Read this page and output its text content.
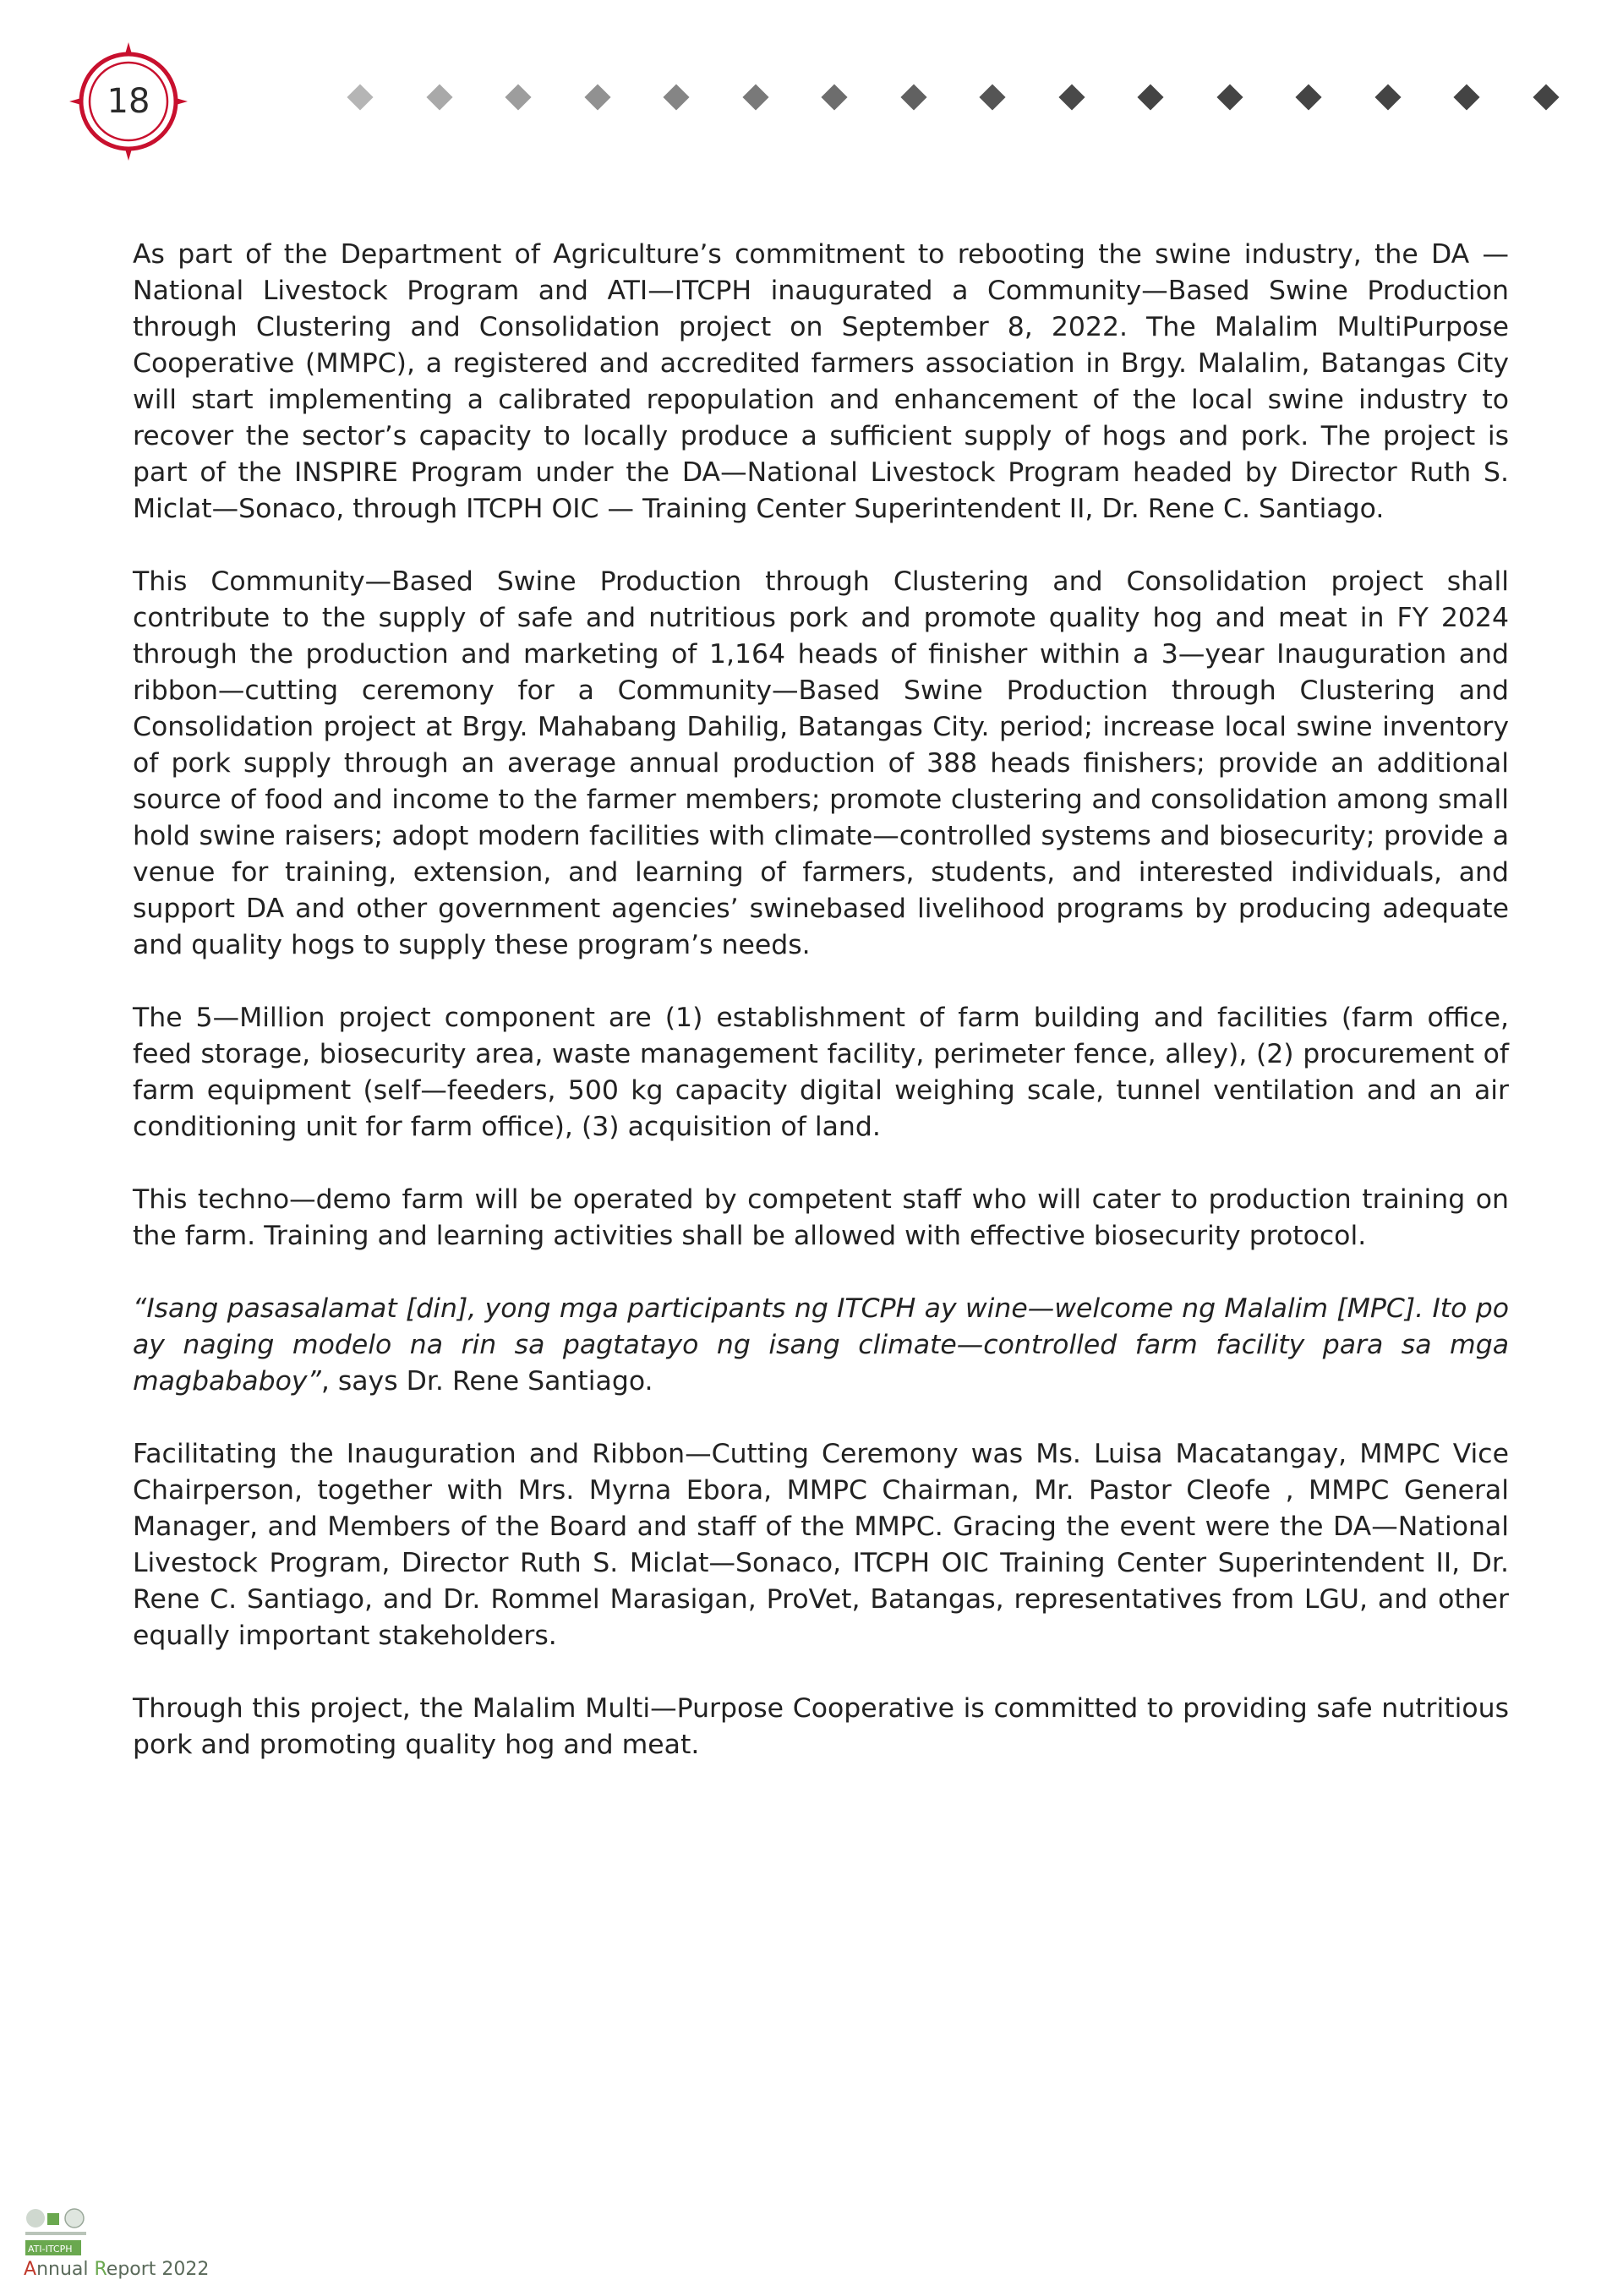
18

As part of the Department of Agriculture’s commitment to rebooting the swine industry, the DA — National Livestock Program and ATI—ITCPH inaugurated a Community—Based Swine Production through Clustering and Consolidation project on September 8, 2022. The Malalim MultiPurpose Cooperative (MMPC), a registered and accredited farmers association in Brgy. Malalim, Batangas City will start implementing a calibrated repopulation and enhancement of the local swine industry to recover the sector’s capacity to locally produce a sufficient supply of hogs and pork. The project is part of the INSPIRE Program under the DA—National Livestock Program headed by Director Ruth S. Miclat—Sonaco, through ITCPH OIC — Training Center Superintendent II, Dr. Rene C. Santiago.

This Community—Based Swine Production through Clustering and Consolidation project shall contribute to the supply of safe and nutritious pork and promote quality hog and meat in FY 2024 through the production and marketing of 1,164 heads of finisher within a 3—year Inauguration and ribbon—cutting ceremony for a Community—Based Swine Production through Clustering and Consolidation project at Brgy. Mahabang Dahilig, Batangas City. period; increase local swine inventory of pork supply through an average annual production of 388 heads finishers; provide an additional source of food and income to the farmer members; promote clustering and consolidation among small hold swine raisers; adopt modern facilities with climate—controlled systems and biosecurity; provide a venue for training, extension, and learning of farmers, students, and interested individuals, and support DA and other government agencies’ swinebased livelihood programs by producing adequate and quality hogs to supply these program’s needs.

The 5—Million project component are (1) establishment of farm building and facilities (farm office, feed storage, biosecurity area, waste management facility, perimeter fence, alley), (2) procurement of farm equipment (self—feeders, 500 kg capacity digital weighing scale, tunnel ventilation and an air conditioning unit for farm office), (3) acquisition of land.

This techno—demo farm will be operated by competent staff who will cater to production training on the farm. Training and learning activities shall be allowed with effective biosecurity protocol.

“Isang pasasalamat [din], yong mga participants ng ITCPH ay wine—welcome ng Malalim [MPC]. Ito po ay naging modelo na rin sa pagtatayo ng isang climate—controlled farm facility para sa mga magbababoy”, says Dr. Rene Santiago.

Facilitating the Inauguration and Ribbon—Cutting Ceremony was Ms. Luisa Macatangay, MMPC Vice Chairperson, together with Mrs. Myrna Ebora, MMPC Chairman, Mr. Pastor Cleofe , MMPC General Manager, and Members of the Board and staff of the MMPC. Gracing the event were the DA—National Livestock Program, Director Ruth S. Miclat—Sonaco, ITCPH OIC Training Center Superintendent II, Dr. Rene C. Santiago, and Dr. Rommel Marasigan, ProVet, Batangas, representatives from LGU, and other equally important stakeholders.

Through this project, the Malalim Multi—Purpose Cooperative is committed to providing safe nutritious pork and promoting quality hog and meat.

ATI-ITCPH
Annual Report 2022
